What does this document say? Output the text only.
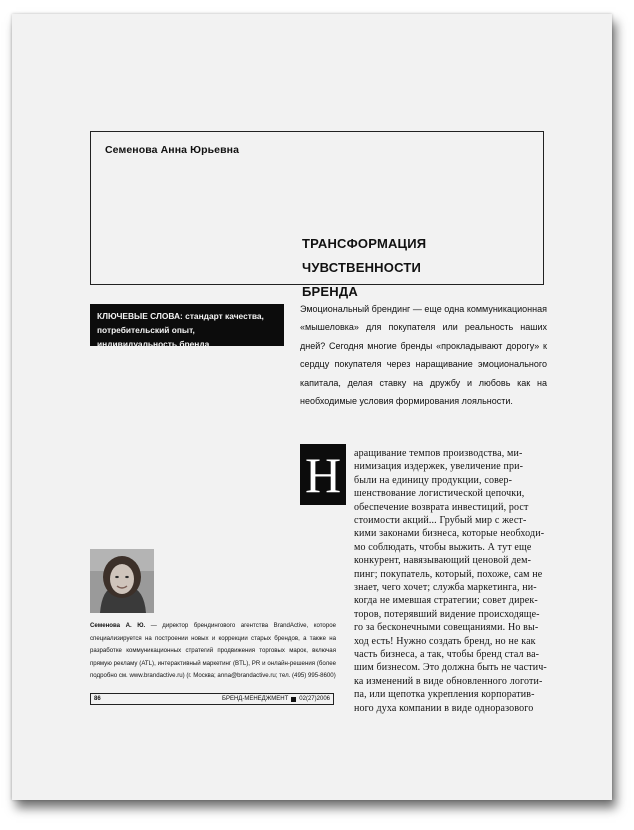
Семенова Анна Юрьевна
ТРАНСФОРМАЦИЯ ЧУВСТВЕННОСТИ
БРЕНДА
КЛЮЧЕВЫЕ СЛОВА: стандарт качества, потребительский опыт, индивидуальность бренда

Эмоциональный брендинг — еще одна коммуникационная «мышеловка» для покупателя или реальность наших дней? Сегодня многие бренды «прокладывают дорогу» к сердцу покупателя через наращивание эмоционального капитала, делая ставку на дружбу и любовь как на необходимые условия формирования лояльности.

Н	аращивание темпов производства, ми-
нимизация издержек, увеличение при-
были на единицу продукции, совер-
шенствование логистической цепочки,
обеспечение возврата инвестиций, рост
стоимости акций... Грубый мир с жест-
кими законами бизнеса, которые необходи-
мо соблюдать, чтобы выжить. А тут еще
конкурент, навязывающий ценовой дем-
пинг; покупатель, который, похоже, сам не
знает, чего хочет; служба маркетинга, ни-
когда не имевшая стратегии; совет дирек-
торов, потерявший видение происходяще-
го за бесконечными совещаниями. Но вы-
ход есть! Нужно создать бренд, но не как
часть бизнеса, а так, чтобы бренд стал ва-
шим бизнесом. Это должна быть не частич-
ка изменений в виде обновленного логоти-
па, или щепотка укрепления корпоратив-
ного духа компании в виде одноразового
Семенова А. Ю. — директор брендингового агентства BrandActive, которое специализируется на построении новых и коррекции старых брендов, а также на разработке коммуникационных стратегий продвижения торговых марок, включая прямую рекламу (ATL), интерактивный маркетинг (BTL), PR и онлайн-решения (более подробно см. www.brandactive.ru) (г. Москва; anna@brandactive.ru; тел. (495) 995-8600)
86	БРЕНД-МЕНЕДЖМЕНТ 02(27)2006
